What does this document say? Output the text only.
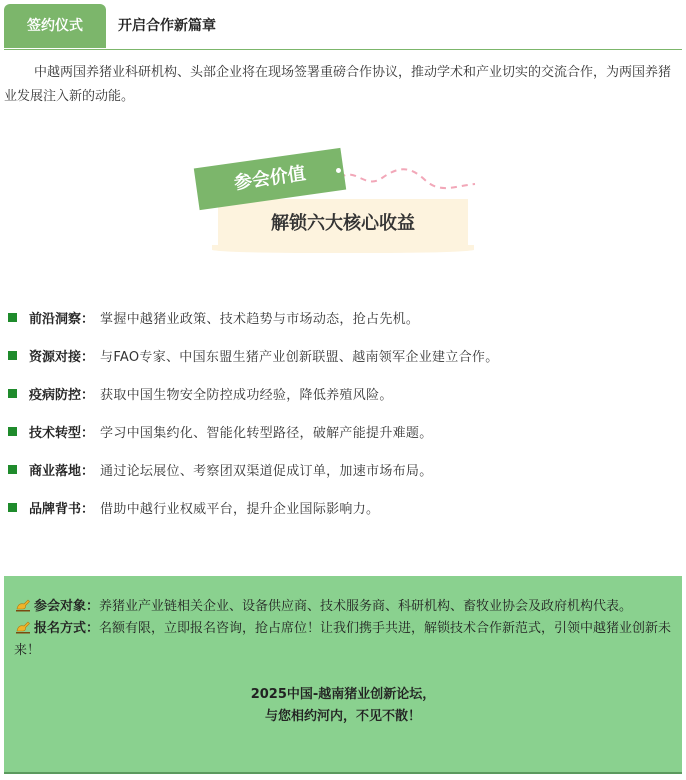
签约仪式	开启合作新篇章

中越两国养猪业科研机构、头部企业将在现场签署重磅合作协议，推动学术和产业切实的交流合作，为两国养猪业发展注入新的动能。

解锁六大核心收益
参会价值
前沿洞察 ： 掌握中越猪业政策、技术趋势与市场动态，抢占先机。
资源对接 ： 与FAO专家、中国东盟生猪产业创新联盟、越南领军企业建立合作。
疫病防控 ： 获取中国生物安全防控成功经验，降低养殖风险。
技术转型 ： 学习中国集约化、智能化转型路径，破解产能提升难题。
商业落地 ： 通过论坛展位、考察团双渠道促成订单，加速市场布局。
品牌背书 ： 借助中越行业权威平台，提升企业国际影响力。

参会对象：养猪业产业链相关企业、设备供应商、技术服务商、科研机构、畜牧业协会及政府机构代表。

报名方式：名额有限，立即报名咨询，抢占席位！让我们携手共进，解锁技术合作新范式，引领中越猪业创新未来！

2025中国-越南猪业创新论坛，
与您相约河内，不见不散！
